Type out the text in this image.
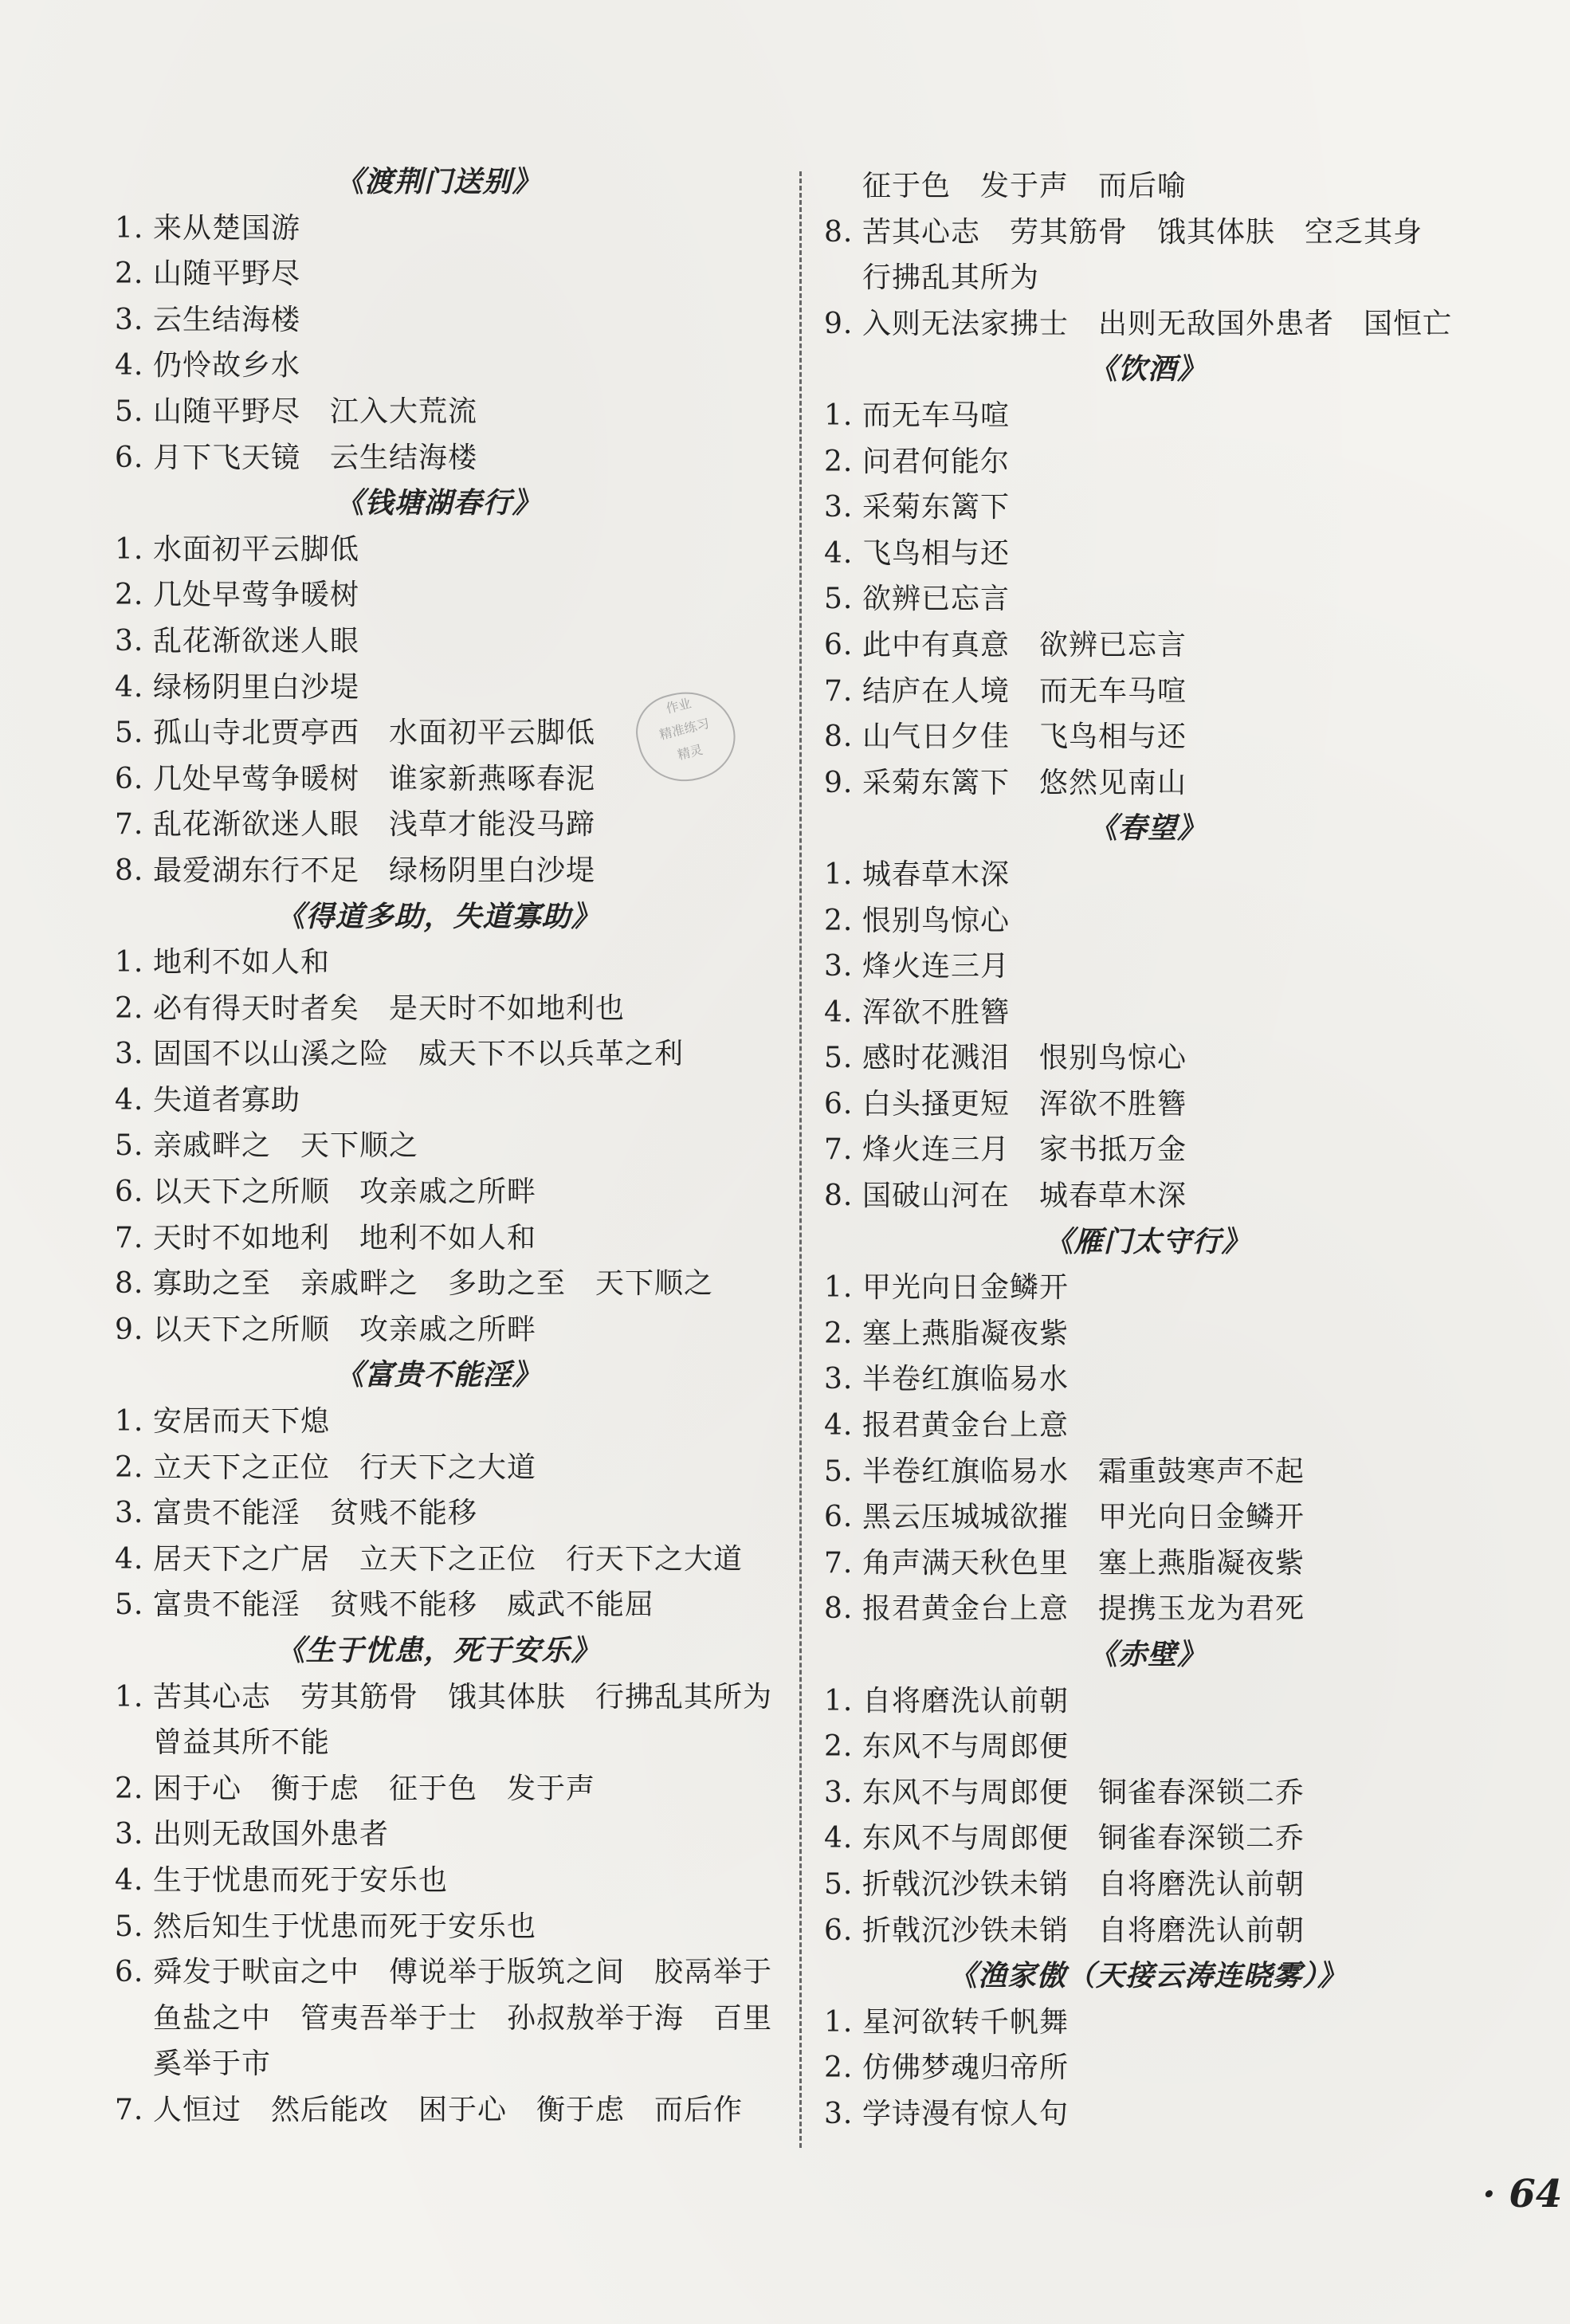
《渡荆门送别》
1. 来从楚国游
2. 山随平野尽
3. 云生结海楼
4. 仍怜故乡水
5. 山随平野尽　江入大荒流
6. 月下飞天镜　云生结海楼
《钱塘湖春行》
1. 水面初平云脚低
2. 几处早莺争暖树
3. 乱花渐欲迷人眼
4. 绿杨阴里白沙堤
5. 孤山寺北贾亭西　水面初平云脚低
6. 几处早莺争暖树　谁家新燕啄春泥
7. 乱花渐欲迷人眼　浅草才能没马蹄
8. 最爱湖东行不足　绿杨阴里白沙堤
《得道多助，失道寡助》
1. 地利不如人和
2. 必有得天时者矣　是天时不如地利也
3. 固国不以山溪之险　威天下不以兵革之利
4. 失道者寡助
5. 亲戚畔之　天下顺之
6. 以天下之所顺　攻亲戚之所畔
7. 天时不如地利　地利不如人和
8. 寡助之至　亲戚畔之　多助之至　天下顺之
9. 以天下之所顺　攻亲戚之所畔
《富贵不能淫》
1. 安居而天下熄
2. 立天下之正位　行天下之大道
3. 富贵不能淫　贫贱不能移
4. 居天下之广居　立天下之正位　行天下之大道
5. 富贵不能淫　贫贱不能移　威武不能屈
《生于忧患，死于安乐》
1. 苦其心志　劳其筋骨　饿其体肤　行拂乱其所为
曾益其所不能
2. 困于心　衡于虑　征于色　发于声
3. 出则无敌国外患者
4. 生于忧患而死于安乐也
5. 然后知生于忧患而死于安乐也
6. 舜发于畎亩之中　傅说举于版筑之间　胶鬲举于
鱼盐之中　管夷吾举于士　孙叔敖举于海　百里
奚举于市
7. 人恒过　然后能改　困于心　衡于虑　而后作
征于色　发于声　而后喻
8. 苦其心志　劳其筋骨　饿其体肤　空乏其身
行拂乱其所为
9. 入则无法家拂士　出则无敌国外患者　国恒亡
《饮酒》
1. 而无车马喧
2. 问君何能尔
3. 采菊东篱下
4. 飞鸟相与还
5. 欲辨已忘言
6. 此中有真意　欲辨已忘言
7. 结庐在人境　而无车马喧
8. 山气日夕佳　飞鸟相与还
9. 采菊东篱下　悠然见南山
《春望》
1. 城春草木深
2. 恨别鸟惊心
3. 烽火连三月
4. 浑欲不胜簪
5. 感时花溅泪　恨别鸟惊心
6. 白头搔更短　浑欲不胜簪
7. 烽火连三月　家书抵万金
8. 国破山河在　城春草木深
《雁门太守行》
1. 甲光向日金鳞开
2. 塞上燕脂凝夜紫
3. 半卷红旗临易水
4. 报君黄金台上意
5. 半卷红旗临易水　霜重鼓寒声不起
6. 黑云压城城欲摧　甲光向日金鳞开
7. 角声满天秋色里　塞上燕脂凝夜紫
8. 报君黄金台上意　提携玉龙为君死
《赤壁》
1. 自将磨洗认前朝
2. 东风不与周郎便
3. 东风不与周郎便　铜雀春深锁二乔
4. 东风不与周郎便　铜雀春深锁二乔
5. 折戟沉沙铁未销　自将磨洗认前朝
6. 折戟沉沙铁未销　自将磨洗认前朝
《渔家傲（天接云涛连晓雾）》
1. 星河欲转千帆舞
2. 仿佛梦魂归帝所
3. 学诗漫有惊人句
作业
精准练习
精灵
· 64
